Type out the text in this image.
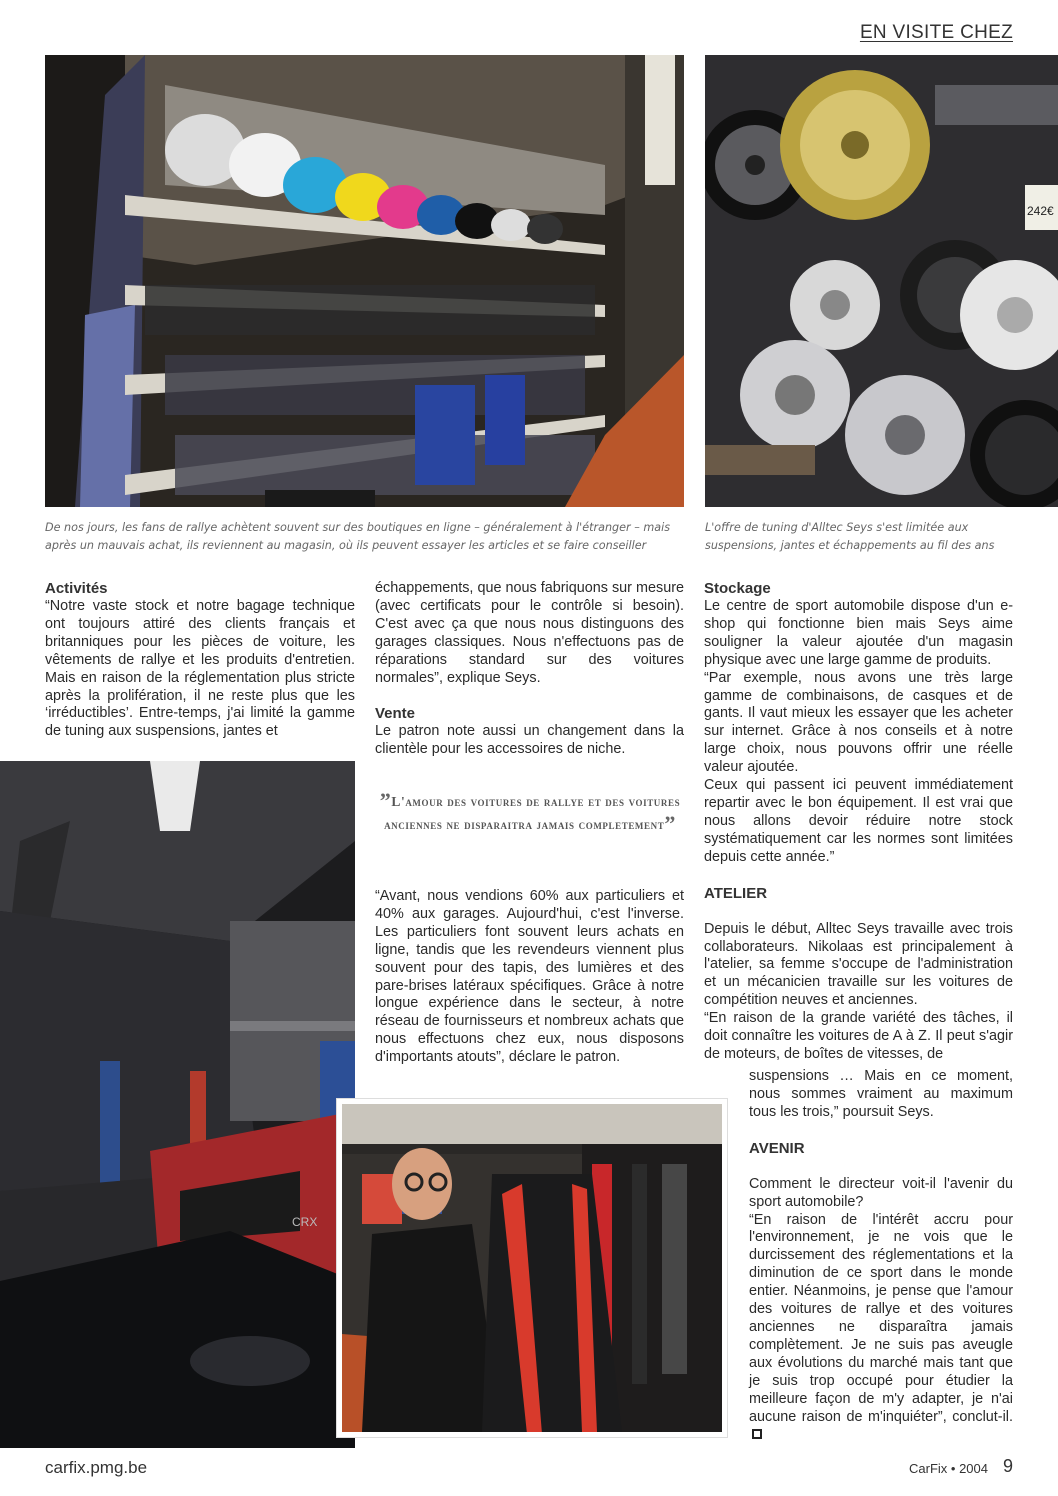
EN VISITE CHEZ
242€
De nos jours, les fans de rallye achètent souvent sur des boutiques en ligne – généralement à l'étranger – mais après un mauvais achat, ils reviennent au magasin, où ils peuvent essayer les articles et se faire conseiller
L'offre de tuning d'Alltec Seys s'est limitée aux suspensions, jantes et échappements au fil des ans
Activités

“Notre vaste stock et notre bagage technique ont toujours attiré des clients français et britanniques pour les pièces de voiture, les vêtements de rallye et les produits d'entretien. Mais en raison de la réglementation plus stricte après la prolifération, il ne reste plus que les ‘irréductibles’. Entre-temps, j'ai limité la gamme de tuning aux suspensions, jantes et

CRX

échappements, que nous fabriquons sur mesure (avec certificats pour le contrôle si besoin). C'est avec ça que nous nous distinguons des garages classiques. Nous n'effectuons pas de réparations standard sur des voitures normales”, explique Seys.

Vente

Le patron note aussi un changement dans la clientèle pour les accessoires de niche.

”L'amour des voitures de rallye et des voitures anciennes ne disparaitra jamais completement”

“Avant, nous vendions 60% aux particuliers et 40% aux garages. Aujourd'hui, c'est l'inverse. Les particuliers font souvent leurs achats en ligne, tandis que les revendeurs viennent plus souvent pour des tapis, des lumières et des pare-brises latéraux spécifiques. Grâce à notre longue expérience dans le secteur, à notre réseau de fournisseurs et nombreux achats que nous effectuons chez eux, nous disposons d'importants atouts”, déclare le patron.

Stockage

Le centre de sport automobile dispose d'un e-shop qui fonctionne bien mais Seys aime souligner la valeur ajoutée d'un magasin physique avec une large gamme de produits.

“Par exemple, nous avons une très large gamme de combinaisons, de casques et de gants. Il vaut mieux les essayer que les acheter sur internet. Grâce à nos conseils et à notre large choix, nous pouvons offrir une réelle valeur ajoutée.

Ceux qui passent ici peuvent immédiatement repartir avec le bon équipement. Il est vrai que nous allons devoir réduire notre stock systématiquement car les normes sont limitées depuis cette année.”

ATELIER

Depuis le début, Alltec Seys travaille avec trois collaborateurs. Nikolaas est principalement à l'atelier, sa femme s'occupe de l'administration et un mécanicien travaille sur les voitures de compétition neuves et anciennes.

“En raison de la grande variété des tâches, il doit connaître les voitures de A à Z. Il peut s'agir de moteurs, de boîtes de vitesses, de

suspensions … Mais en ce moment, nous sommes vraiment au maximum tous les trois,” poursuit Seys.

AVENIR

Comment le directeur voit-il l'avenir du sport automobile?

“En raison de l'intérêt accru pour l'environnement, je ne vois que le durcissement des réglementations et la diminution de ce sport dans le monde entier. Néanmoins, je pense que l'amour des voitures de rallye et des voitures anciennes ne disparaîtra jamais complètement. Je ne suis pas aveugle aux évolutions du marché mais tant que je suis trop occupé pour étudier la meilleure façon de m'y adapter, je n'ai aucune raison de m'inquiéter”, conclut-il.

carfix.pmg.be	CarFix • 2004 9
